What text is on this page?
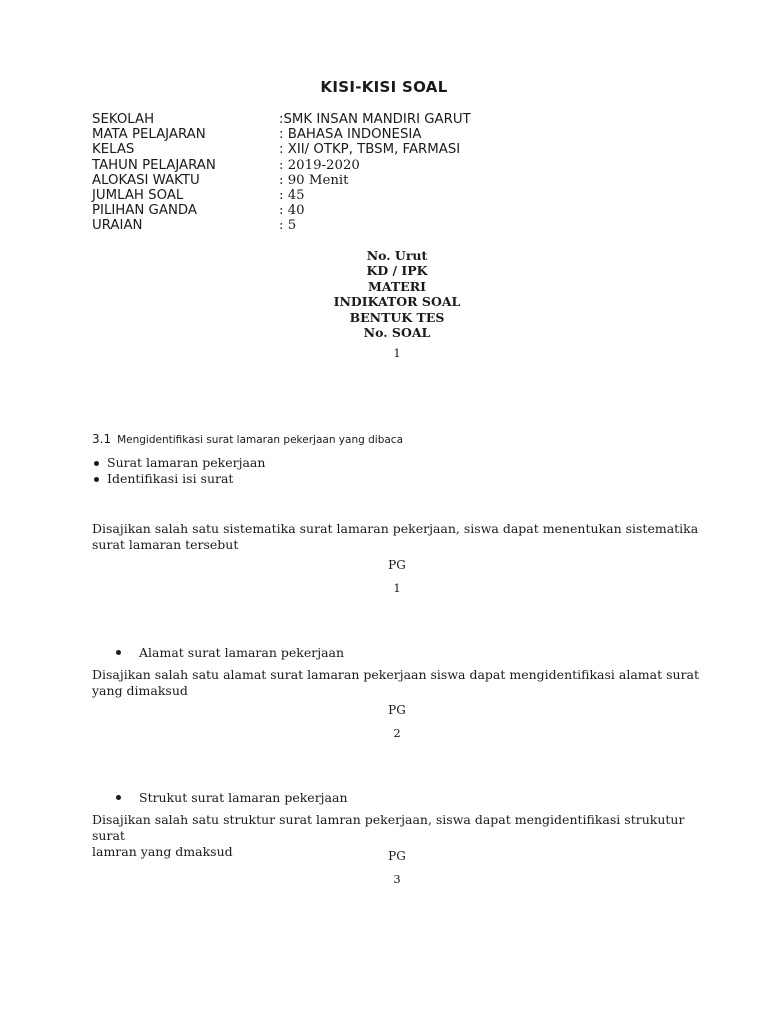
KISI-KISI SOAL
SEKOLAH	:SMK INSAN MANDIRI GARUT
MATA PELAJARAN	: BAHASA INDONESIA
KELAS	: XII/ OTKP, TBSM, FARMASI
TAHUN PELAJARAN	: 2019-2020
ALOKASI WAKTU	: 90 Menit
JUMLAH SOAL	: 45
PILIHAN GANDA	: 40
URAIAN	: 5
No. Urut
KD / IPK
MATERI
INDIKATOR SOAL
BENTUK TES
No. SOAL
1
3.1 Mengidentifikasi surat lamaran pekerjaan yang dibaca
Surat lamaran pekerjaan
Identifikasi isi surat
Disajikan salah satu sistematika surat lamaran pekerjaan, siswa dapat menentukan sistematika
surat lamaran tersebut
PG
1
Alamat surat lamaran pekerjaan
Disajikan salah satu alamat surat lamaran pekerjaan siswa dapat mengidentifikasi alamat surat
yang dimaksud
PG
2
Strukut surat lamaran pekerjaan
Disajikan salah satu struktur surat lamran pekerjaan, siswa dapat mengidentifikasi strukutur surat
lamran yang dmaksud	PG
3
